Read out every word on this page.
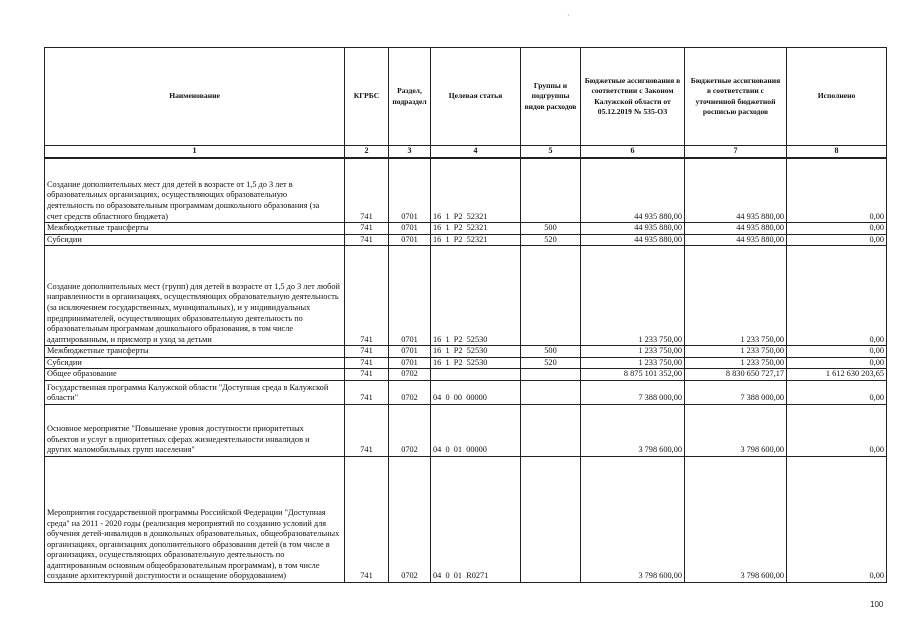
·
Наименование	КГРБС	Раздел, подраздел	Целевая статья	Группы и подгруппы видов расходов	Бюджетные ассигнования в соответствии с Законом Калужской области от 05.12.2019 № 535-ОЗ	Бюджетные ассигнования в соответствии с уточненной бюджетной росписью расходов	Исполнено
1	2	3	4	5	6	7	8
Создание дополнительных мест для детей в возрасте от 1,5 до 3 лет в образовательных организациях, осуществляющих образовательную деятельность по образовательным программам дошкольного образования (за счет средств областного бюджета)	741	0701	16  1  Р2  52321		44 935 880,00	44 935 880,00	0,00
Межбюджетные трансферты	741	0701	16  1  Р2  52321	500	44 935 880,00	44 935 880,00	0,00
Субсидии	741	0701	16  1  Р2  52321	520	44 935 880,00	44 935 880,00	0,00
Создание дополнительных мест (групп) для детей в возрасте от 1,5 до 3 лет любой направленности в организациях, осуществляющих образовательную деятельность (за исключением государственных, муниципальных), и у индивидуальных предпринимателей, осуществляющих образовательную деятельность по образовательным программам дошкольного образования, в том числе адаптированным, и присмотр и уход за детьми	741	0701	16  1  Р2  52530		1 233 750,00	1 233 750,00	0,00
Межбюджетные трансферты	741	0701	16  1  Р2  52530	500	1 233 750,00	1 233 750,00	0,00
Субсидии	741	0701	16  1  Р2  52530	520	1 233 750,00	1 233 750,00	0,00
Общее образование	741	0702			8 875 101 352,00	8 830 650 727,17	1 612 630 203,65
Государственная программа Калужской области "Доступная среда в Калужской области"	741	0702	04  0  00  00000		7 388 000,00	7 388 000,00	0,00
Основное мероприятие "Повышение уровня доступности приоритетных объектов и услуг в приоритетных сферах жизнедеятельности инвалидов и других маломобильных групп населения"	741	0702	04  0  01  00000		3 798 600,00	3 798 600,00	0,00
Мероприятия государственной программы Российской Федерации "Доступная среда" на 2011 - 2020 годы (реализация мероприятий по созданию условий для обучения детей-инвалидов в дошкольных образовательных, общеобразовательных организациях, организациях дополнительного образования детей (в том числе в организациях, осуществляющих образовательную деятельность по адаптированным основным общеобразовательным программам), в том числе создание архитектурной доступности и оснащение оборудованием)	741	0702	04  0  01  R0271		3 798 600,00	3 798 600,00	0,00
100
